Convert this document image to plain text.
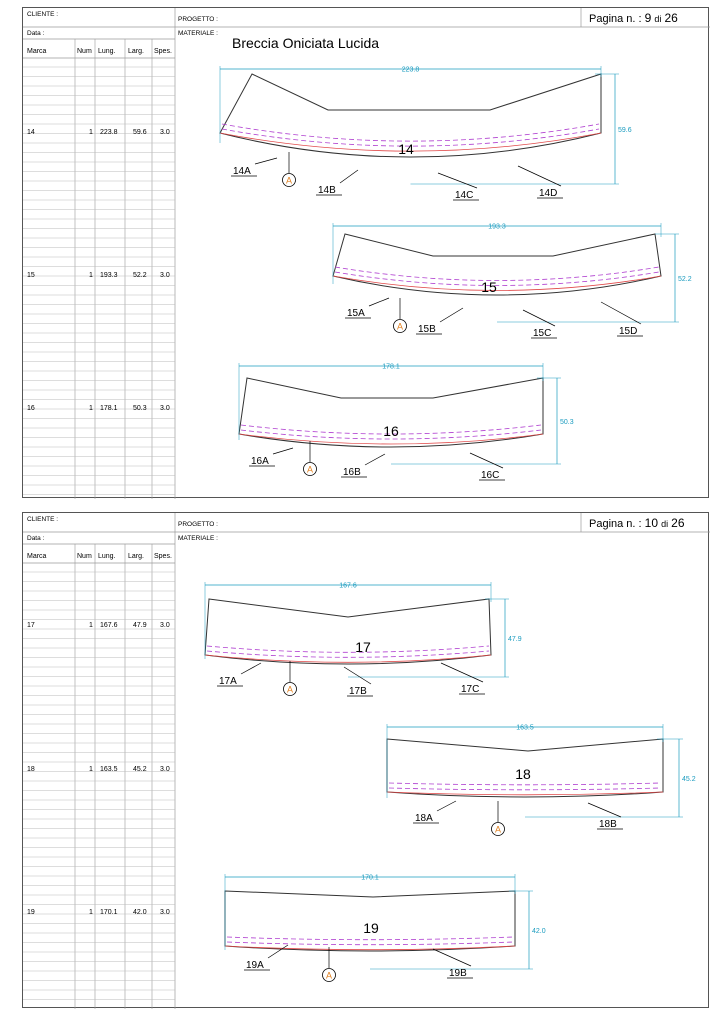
223.8
59.6
14
A
14A
14B	14C	14D
193.3
52.2
15
A
15A
15B	15C	15D
178.1
50.3
16
A
16A
16B	16C
CLIENTE :
Data :
PROGETTO :
MATERIALE :
Breccia Oniciata Lucida
Pagina n. : 9 di 26
Marca	Num Lung. Larg. Spes.
14	1 223.8 59.6 3.0
15	1 193.3 52.2 3.0
16	1 178.1 50.3 3.0
167.6
47.9
17
A
17A
17B	17C
163.5
45.2
18
A
18A
18B
170.1
42.0
19
A
19A
19B
CLIENTE :
Data :
PROGETTO :
MATERIALE :
Pagina n. : 10 di 26
Marca	Num Lung. Larg. Spes.
17	1 167.6 47.9 3.0
18	1 163.5 45.2 3.0
19	1 170.1 42.0 3.0
